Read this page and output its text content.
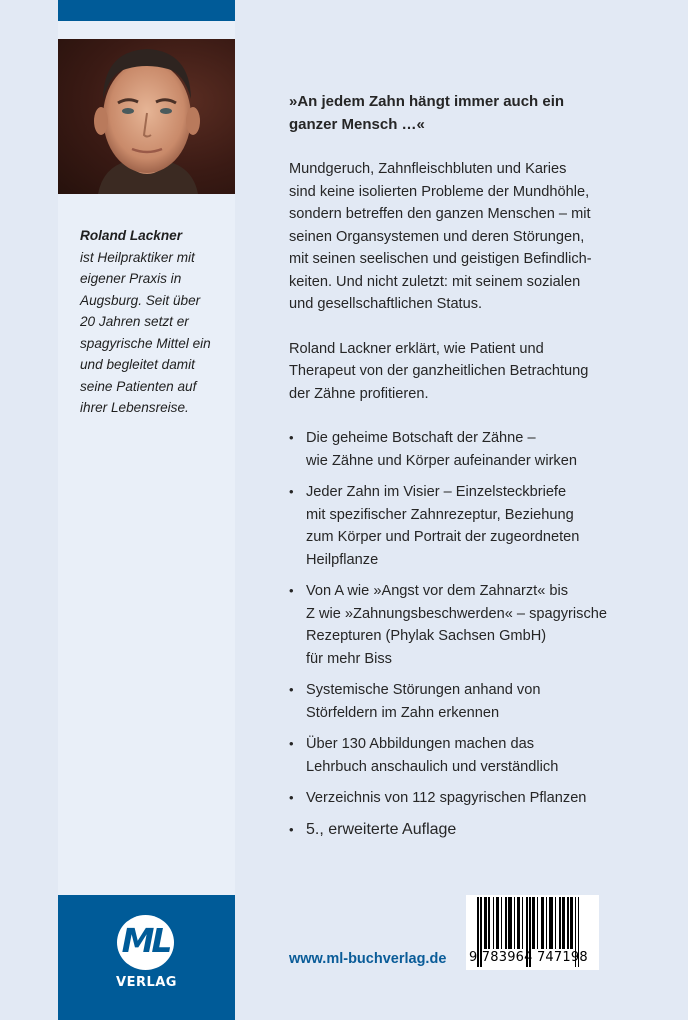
Roland Lackner
ist Heilpraktiker mit
eigener Praxis in
Augsburg. Seit über
20 Jahren setzt er
spagyrische Mittel ein
und begleitet damit
seine Patienten auf
ihrer Lebensreise.
ML
VERLAG

»An jedem Zahn hängt immer auch ein
ganzer Mensch …«

Mundgeruch, Zahnfleischbluten und Karies
sind keine isolierten Probleme der Mundhöhle,
sondern betreffen den ganzen Menschen – mit
seinen Organsystemen und deren Störungen,
mit seinen seelischen und geistigen Befindlich-
keiten. Und nicht zuletzt: mit seinem sozialen
und gesellschaftlichen Status.

Roland Lackner erklärt, wie Patient und
Therapeut von der ganzheitlichen Betrachtung
der Zähne profitieren.

• Die geheime Botschaft der Zähne –
wie Zähne und Körper aufeinander wirken
• Jeder Zahn im Visier – Einzelsteckbriefe
mit spezifischer Zahnrezeptur, Beziehung
zum Körper und Portrait der zugeordneten
Heilpflanze
• Von A wie »Angst vor dem Zahnarzt« bis
Z wie »Zahnungsbeschwerden« – spagyrische
Rezepturen (Phylak Sachsen GmbH)
für mehr Biss
• Systemische Störungen anhand von
Störfeldern im Zahn erkennen
• Über 130 Abbildungen machen das
Lehrbuch anschaulich und verständlich
• Verzeichnis von 112 spagyrischen Pflanzen
• 5., erweiterte Auflage
www.ml-buchverlag.de 9 783964 747198
